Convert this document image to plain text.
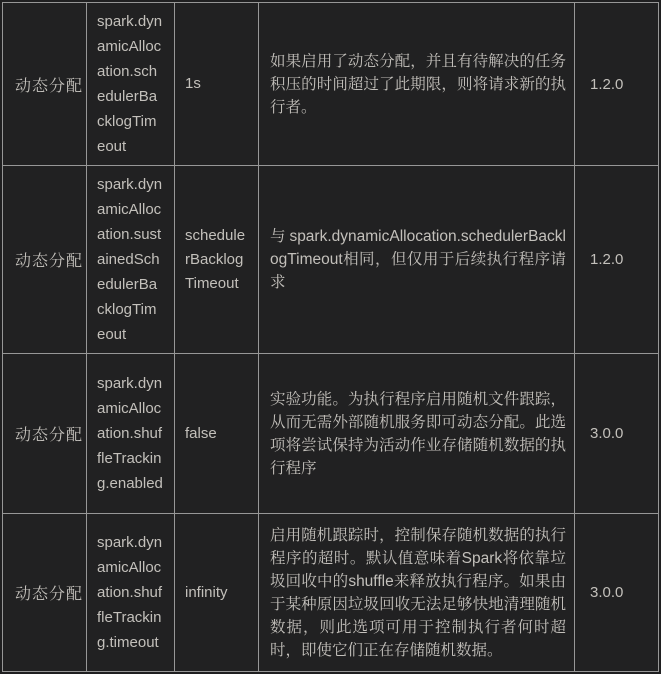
动态分配	spark.dynamicAllocation.schedulerBacklogTimeout	1s	如果启用了动态分配，并且有待解决的任务积压的时间超过了此期限，则将请求新的执行者。	1.2.0
动态分配	spark.dynamicAllocation.sustainedSchedulerBacklogTimeout	schedulerBacklogTimeout	与spark.dynamicAllocation.schedulerBacklogTimeout相同，但仅用于后续执行程序请求	1.2.0
动态分配	spark.dynamicAllocation.shuffleTracking.enabled	false	实验功能。为执行程序启用随机文件跟踪，从而无需外部随机服务即可动态分配。此选项将尝试保持为活动作业存储随机数据的执行程序	3.0.0
动态分配	spark.dynamicAllocation.shuffleTracking.timeout	infinity	启用随机跟踪时，控制保存随机数据的执行程序的超时。默认值意味着Spark将依靠垃圾回收中的shuffle来释放执行程序。如果由于某种原因垃圾回收无法足够快地清理随机数据，则此选项可用于控制执行者何时超时，即使它们正在存储随机数据。	3.0.0
